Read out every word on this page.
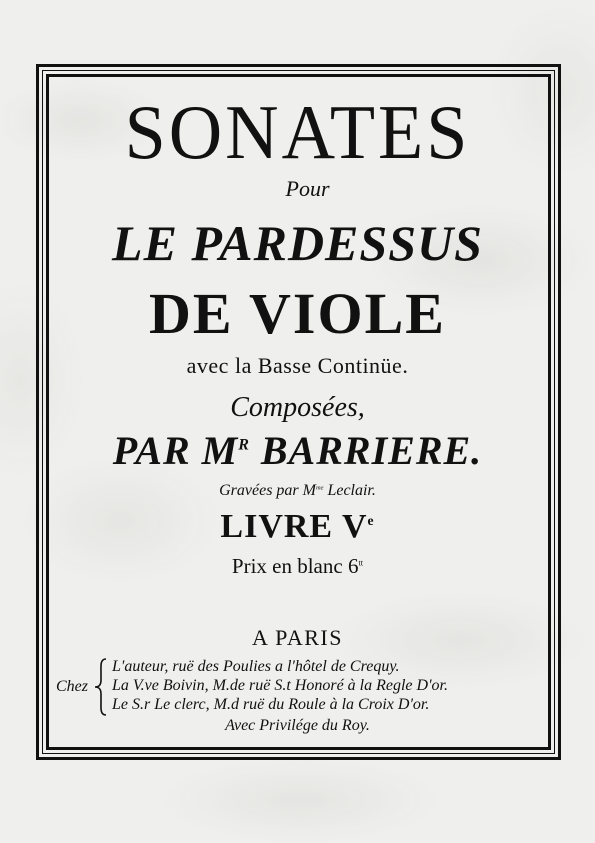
SONATES
Pour
LE PARDESSUS
DE VIOLE
avec la Basse Continüe.
Composées,
PAR $M^R$ BARRIERE.
Gravées par $M^{me}$ Leclair.
LIVRE Ve
Prix en blanc $6^{tt}$
A PARIS
Chez
L'auteur, ruë des Poulies a l'hôtel de Crequy.
La V.ve Boivin, M.de ruë S.t Honoré à la Regle D'or.
Le S.r Le clerc, M.d ruë du Roule à la Croix D'or.
Avec Privilége du Roy.
